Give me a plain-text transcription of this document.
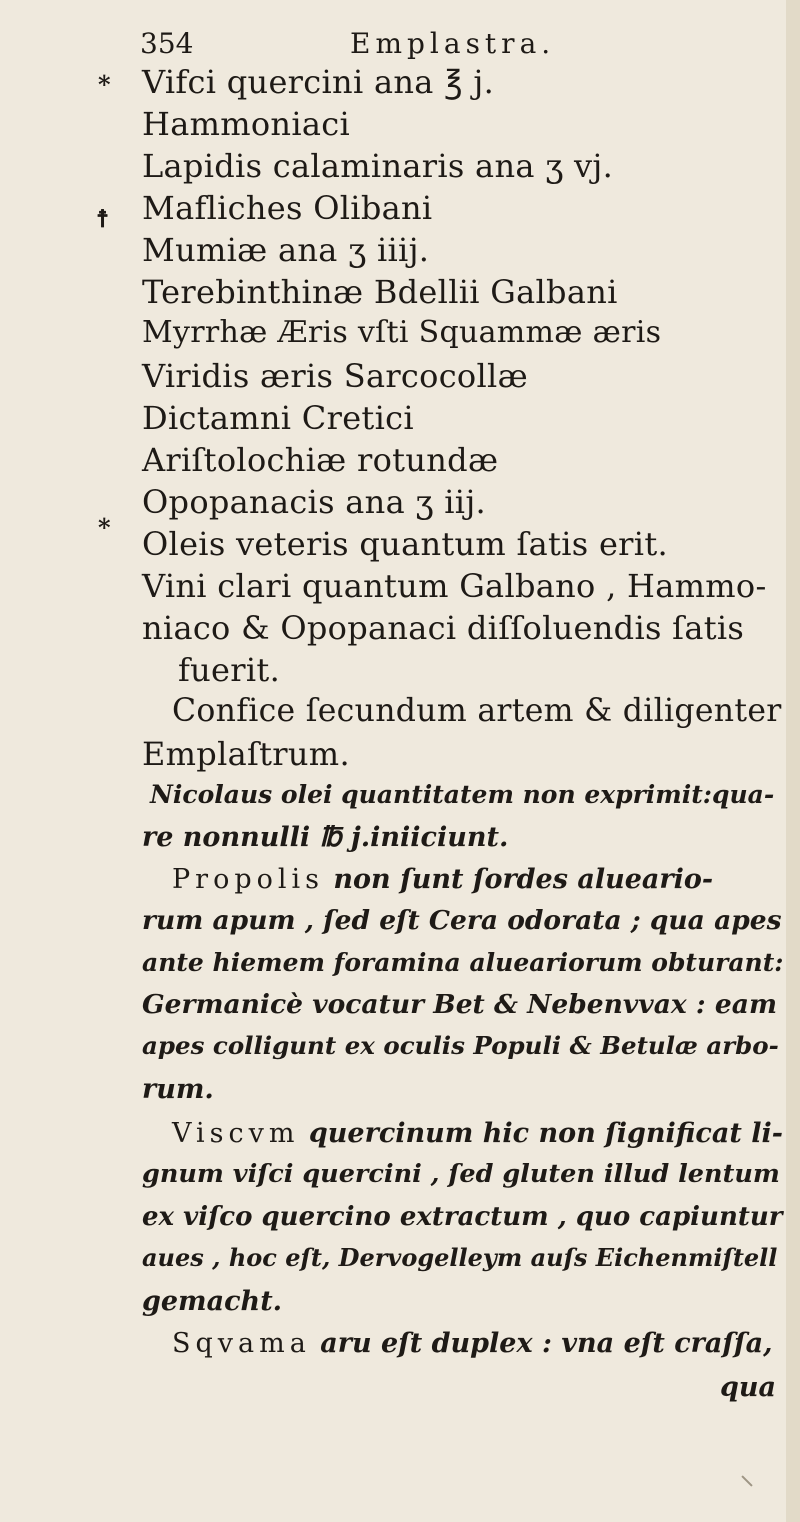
354	Emplastra.
*
☨
*
Vifci quercini ana ℥ j.
Hammoniaci
Lapidis calaminaris ana ʒ vj.
Mafliches Olibani
Mumiæ ana ʒ iiij.
Terebinthinæ Bdellii Galbani
Myrrhæ Æris vſti Squammæ æris
Viridis æris Sarcocollæ
Dictamni Cretici
Ariſtolochiæ rotundæ
Opopanacis ana ʒ iij.
Oleis veteris quantum ſatis erit.
Vini clari quantum Galbano , Hammo-
niaco & Opopanaci diſſoluendis ſatis
fuerit.
Confice ſecundum artem & diligenter
Emplaſtrum.
Nicolaus olei quantitatem non exprimit:qua-
re nonnulli ℔ j.iniiciunt.
Propolis non ſunt ſordes alueario-
rum apum , ſed eſt Cera odorata ; qua apes
ante hiemem foramina alueariorum obturant:
Germanicè vocatur Bet & Nebenvvax : eam
apes colligunt ex oculis Populi & Betulæ arbo-
rum.
Viscvm quercinum hic non ſignificat li-
gnum viſci quercini , ſed gluten illud lentum
ex viſco quercino extractum , quo capiuntur
aues , hoc eſt, Dervogelleym auſs Eichenmiſtell
gemacht.
Sqvama aru eſt duplex : vna eſt craſſa,
qua
